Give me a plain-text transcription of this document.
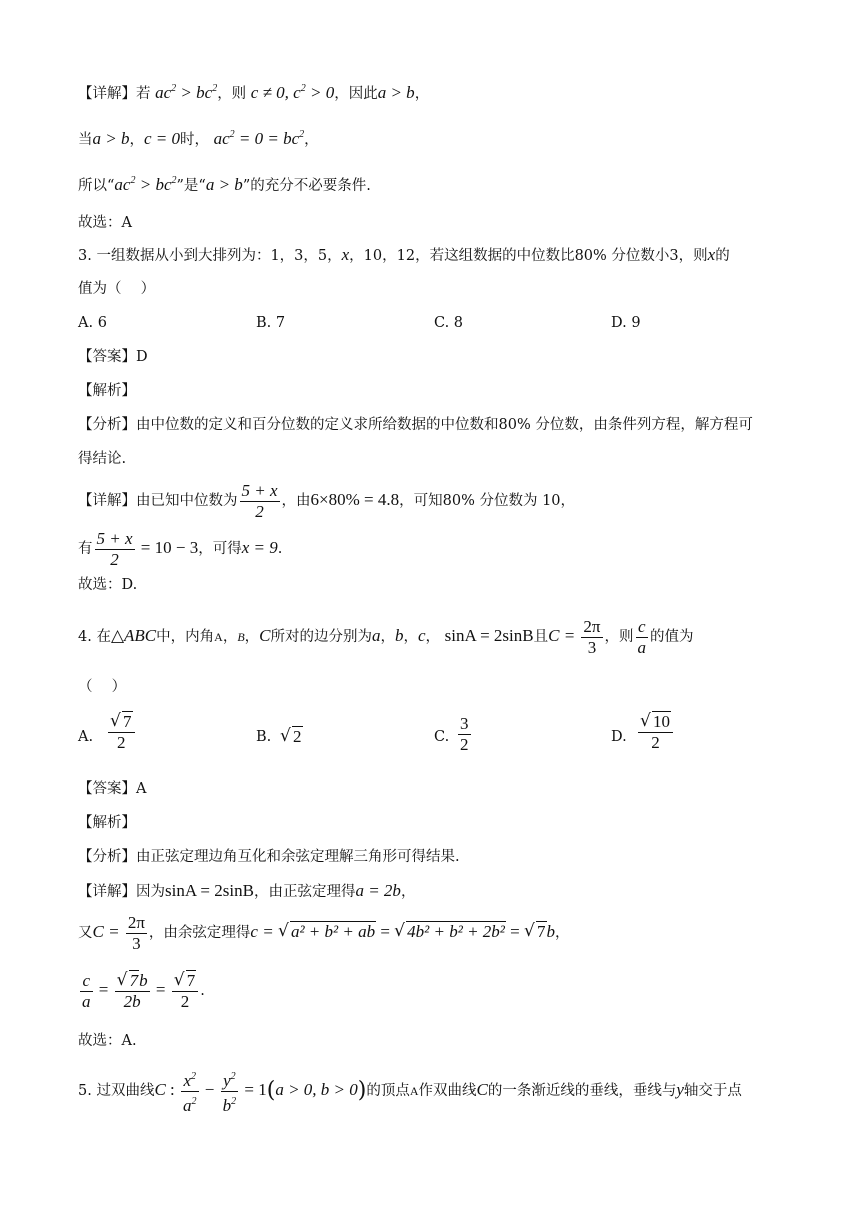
【详解】若 $ac^2 > bc^2$，则 c ≠ 0, $c^2 > 0$，因此a > b，
当a > b，c = 0时， $ac^2 = 0 = bc^2$，
所以“$ac^2 > bc^2$”是“a > b”的充分不必要条件.
故选：A
3. 一组数据从小到大排列为：1，3，5，x，10，12，若这组数据的中位数比80% 分位数小3，则x的
值为（　 ）
A. 6	B. 7	C. 8	D. 9
【答案】D
【解析】
【分析】由中位数的定义和百分位数的定义求所给数据的中位数和80% 分位数，由条件列方程，解方程可
得结论.
【详解】由已知中位数为 $\frac{5 + x}{2}$ ，由6×80% = 4.8，可知80% 分位数为 10，
有 $\frac{5 + x}{2} = 10 - 3$，可得x = 9.
故选：D.
4. 在△ABC中，内角A，B，C所对的边分别为a，b，c， sinA = 2sinB且$C = \frac{2\pi}{3}$ ，则 $\frac{c}{a}$ 的值为
（　 ）
A. √ $\frac{7}{2}$	B.	√ 2	C. $\frac{3}{2}$	D. √ $\frac{10}{2}$
【答案】A
【解析】
【分析】由正弦定理边角互化和余弦定理解三角形可得结果.
【详解】因为sinA = 2sinB，由正弦定理得a = 2b，
又$C = \frac{2\pi}{3}$ ，由余弦定理得c = √ a² + b² + ab = √ 4b² + b² + 2b² = √ 7b，
$\frac{c}{a}$ = √ $\frac{7b}{2b}$ = √ $\frac{7}{2}$ .
故选：A.
5. 过双曲线C : $\frac{x^2}{a^2} - \frac{y^2}{b^2} = 1(a > 0$, b > 0)的顶点A作双曲线C的一条渐近线的垂线，垂线与y轴交于点
